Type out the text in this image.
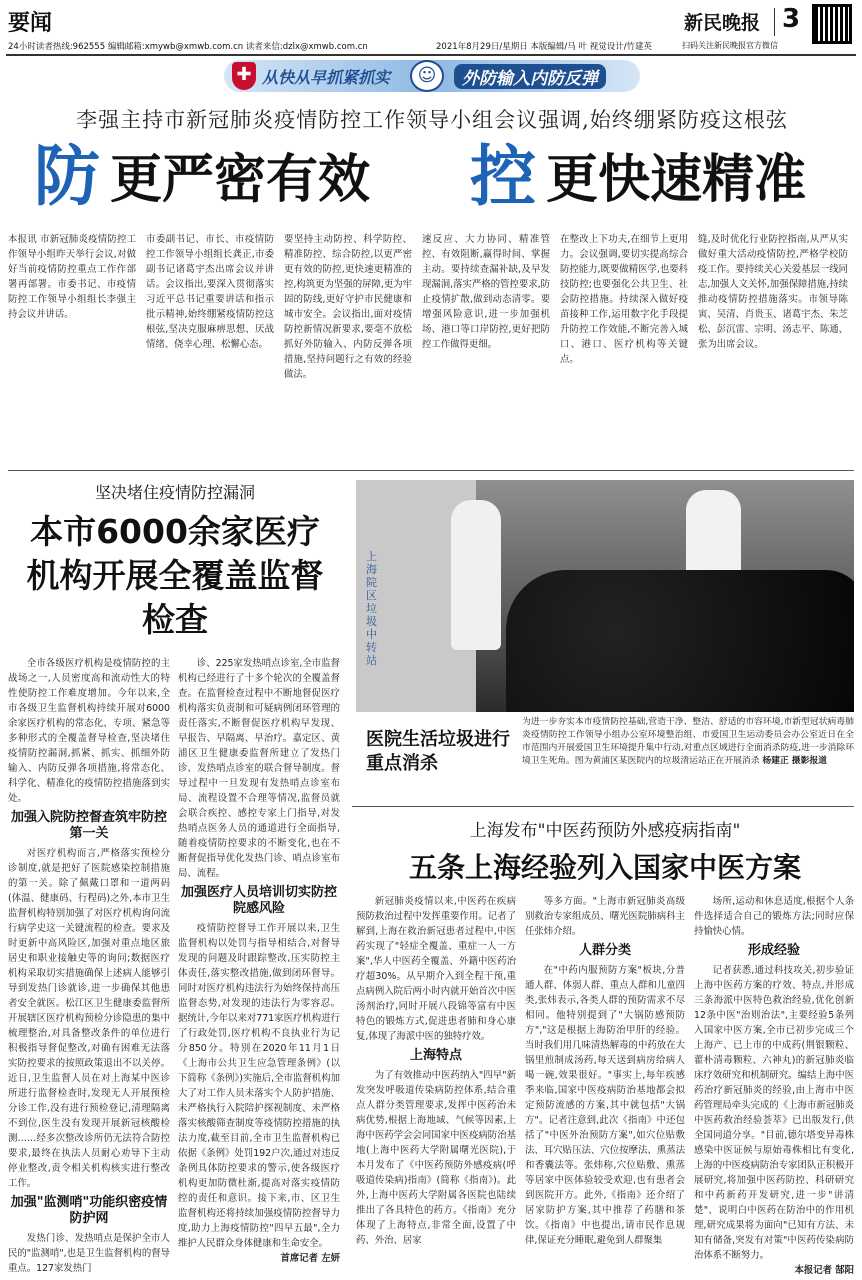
要闻	新民晚报 3
24小时读者热线:962555 编辑邮箱:xmywb@xmwb.com.cn 读者来信:dzlx@xmwb.com.cn	2021年8月29日/星期日 本版编辑/马 叶 视觉设计/竹建英	扫码关注新民晚报官方微信
✚ 从快从早抓紧抓实	☺	外防输入内防反弹
李强主持市新冠肺炎疫情防控工作领导小组会议强调,始终绷紧防疫这根弦
防 更严密有效 控 更快速精准
本报讯 市新冠肺炎疫情防控工作领导小组昨天举行会议,对做好当前疫情防控重点工作作部署再部署。市委书记、市疫情防控工作领导小组组长李强主持会议并讲话。
市委副书记、市长、市疫情防控工作领导小组组长龚正,市委副书记诸葛宇杰出席会议并讲话。会议指出,要深入贯彻落实习近平总书记重要讲话和指示批示精神,始终绷紧疫情防控这根弦,坚决克服麻痹思想、厌战情绪、侥幸心理、松懈心态。
要坚持主动防控、科学防控、精准防控、综合防控,以更严密更有效的防控,更快速更精准的控,构筑更为坚强的屏障,更为牢固的防线,更好守护市民健康和城市安全。会议指出,面对疫情防控新情况新要求,要毫不放松抓好外防输入、内防反弹各项措施,坚持问题行之有效的经验做法。
速反应、大力协同、精准管控、有效阻断,赢得时间、掌握主动。要持续查漏补缺,及早发现漏洞,落实严格的管控要求,防止疫情扩散,做到动态清零。要增强风险意识,进一步加强机场、港口等口岸防控,更好把防控工作做得更细。
在整改上下功夫,在细节上更用力。会议强调,要切实提高综合防控能力,既要做精医学,也要科技防控;也要强化公共卫生、社会防控措施。持续深入做好疫苗接种工作,运用数字化手段提升防控工作效能,不断完善入城口、港口、医疗机构等关键点。
缝,及时优化行业防控指南,从严从实做好重大活动疫情防控,严格学校防疫工作。要持续关心关爱基层一线同志,加强人文关怀,加强保障措施,持续推动疫情防控措施落实。市领导陈寅、吴清、肖贵玉、诸葛宇杰、朱芝松、彭沉雷、宗明、汤志平、陈通、张为出席会议。
坚决堵住疫情防控漏洞
本市6000余家医疗机构开展全覆盖监督检查

全市各级医疗机构是疫情防控的主战场之一,人员密度高和流动性大的特性使防控工作难度增加。今年以来,全市各级卫生监督机构持续开展对6000余家医疗机构的常态化、专项、紧急等多种形式的全覆盖督导检查,坚决堵住疫情防控漏洞,抓紧、抓实、抓细外防输入、内防反弹各项措施,将常态化、科学化、精准化的疫情防控措施落到实处。

加强入院防控督查筑牢防控第一关

对医疗机构而言,严格落实预检分诊制度,就是把好了医院感染控制措施的第一关。除了佩戴口罩和一道两码(体温、健康码、行程码)之外,本市卫生监督机构特别加强了对医疗机构询问流行病学史这一关键流程的检查。要求及时更新中高风险区,加强对重点地区旅居史和职业接触史等的询问;数据医疗机构采取切实措施确保上述病人能够引导到发热门诊就诊,进一步确保其他患者安全就医。松江区卫生健康委监督所开展辖区医疗机构预检分诊隐患的集中梳理整治,对具备整改条件的单位进行积极指导督促整改,对确有困难无法落实防控要求的按照政策退出不以关停。近日,卫生监督人员在对上海某中医诊所进行监督检查时,发现无人开展预检分诊工作,没有进行预检登记,清理隔离不到位,医生没有发现开展新冠核酸检测……经多次整改诊所仍无法符合防控要求,最终在执法人员耐心劝导下主动停业整改,责令相关机构核实进行整改工作。

加强"监测哨"功能织密疫情防护网

发热门诊、发热哨点是保护全市人民的"监测哨",也是卫生监督机构的督导重点。127家发热门

诊、225家发热哨点诊室,全市监督机构已经进行了十多个轮次的全覆盖督查。在监督检查过程中不断地督促医疗机构落实负责制和可疑病例闭环管理的责任落实,不断督促医疗机构早发现、早报告、早隔离、早治疗。嘉定区、黄浦区卫生健康委监督所建立了发热门诊、发热哨点诊室的联合督导制度。督导过程中一旦发现有发热哨点诊室布局、流程设置不合理等情况,监督员就会联合疾控、感控专家上门指导,对发热哨点医务人员的通道进行全面指导,随着疫情防控要求的不断变化,也在不断督促指导优化发热门诊、哨点诊室布局、流程。

加强医疗人员培训切实防控院感风险

疫情防控督导工作开展以来,卫生监督机构以处罚与指导相结合,对督导发现的问题及时跟踪整改,压实防控主体责任,落实整改措施,做到闭环督导。同时对医疗机构违法行为始终保持高压监督态势,对发现的违法行为零容忍。据统计,今年以来对771家医疗机构进行了行政处罚,医疗机构不良执业行为记分850分。特别在2020年11月1日《上海市公共卫生应急管理条例》(以下简称《条例》)实施后,全市监督机构加大了对工作人员未落实个人防护措施、未严格执行入院陪护探视制度、未严格落实核酸筛查制度等疫情防控措施的执法力度,截至目前,全市卫生监督机构已依据《条例》处罚192户次,通过对违反条例具体防控要求的警示,使各级医疗机构更加防微杜渐,提高对落实疫情防控的责任和意识。接下来,市、区卫生监督机构还将持续加强疫情防控督导力度,助力上海疫情防控"四早五最",全力维护人民群众身体健康和生命安全。

首席记者 左妍

上海院区垃圾中转站
医院生活垃圾进行重点消杀
为进一步夯实本市疫情防控基础,营造干净、整洁、舒适的市容环境,市新型冠状病毒肺炎疫情防控工作领导小组办公室环境整治组、市爱国卫生运动委员会办公室近日在全市范围内开展爱国卫生环境提升集中行动,对重点区域进行全面消杀防疫,进一步消除环境卫生死角。图为黄浦区某医院内的垃圾清运站正在开展消杀 杨建正 摄影报道
上海发布"中医药预防外感疫病指南"
五条上海经验列入国家中医方案

新冠肺炎疫情以来,中医药在疾病预防救治过程中发挥重要作用。记者了解到,上海在救治新冠患者过程中,中医药实现了"轻症全覆盖、重症一人一方案",华人中医药全覆盖、外籍中医药治疗超30%。从早期介入到全程干预,重点病例入院后两小时内就开始首次中医汤剂治疗,同时开展八段锦等富有中医特色的锻炼方式,促进患者肺和身心康复,体现了海派中医的独特疗效。

上海特点

为了有效推动中医药纳入"四早"新发突发呼吸道传染病防控体系,结合重点人群分类管理要求,发挥中医药治未病优势,根据上海地域、气候等因素,上海中医药学会会同国家中医疫病防治基地(上海中医药大学附属曙光医院),于本月发布了《中医药预防外感疫病(呼吸道传染病)指南》(简称《指南》)。此外,上海中医药大学附属各医院也陆续推出了各具特色的药方。《指南》充分体现了上海特点,非常全面,设置了中药、外治、居家

等多方面。"上海市新冠肺炎高级别救治专家组成员、曙光医院肺病科主任张炜介绍。

人群分类

在"中药内服预防方案"板块,分普通人群、体弱人群、重点人群和儿童四类,张炜表示,各类人群的预防需求不尽相同。他特别提到了"大锅防感预防方","这是根据上海防治甲肝的经验。当时我们用几味清热解毒的中药放在大锅里煎制成汤药,每天送到病房给病人喝一碗,效果很好。"事实上,每年疾感季来临,国家中医疫病防治基地都会拟定预防流感的方案,其中就包括"大锅方"。记者注意到,此次《指南》中还包括了"中医外治预防方案",如穴位贴敷法、耳穴贴压法、穴位按摩法、熏蒸法和香囊法等。张炜称,穴位贴敷、熏蒸等居家中医体验较受欢迎,也有患者会到医院开方。此外,《指南》还介绍了居家防护方案,其中推荐了药膳和茶饮。《指南》中也提出,请市民作息规律,保证充分睡眠,避免到人群聚集

场所,运动和休息适度,根据个人条件选择适合自己的锻炼方法;同时应保持愉快心情。

形成经验

记者获悉,通过科技攻关,初步验证上海中医药方案的疗效、特点,并形成三条海派中医特色救治经验,优化创新12条中医"治则治法",主要经验5条列入国家中医方案,全市已初步完成三个上海产、已上市的中成药(荆银颗粒、藿朴清毒颗粒、六神丸)的新冠肺炎临床疗效研究和机制研究。编结上海中医药治疗新冠肺炎的经验,由上海市中医药管理局牵头完成的《上海市新冠肺炎中医药救治经验荟萃》已出版发行,供全国同道分享。"目前,德尔塔变异毒株感染中医证候与原始毒株相比有变化,上海的中医疫病防治专家团队正积极开展研究,将加强中医药防控、科研研究和中药新药开发研究,进一步"讲清楚"、说明白中医药在防治中的作用机理,研究成果将为面向"已知有方法、未知有储备,突发有对策"中医药传染病防治体系不断努力。

本报记者 郜阳
